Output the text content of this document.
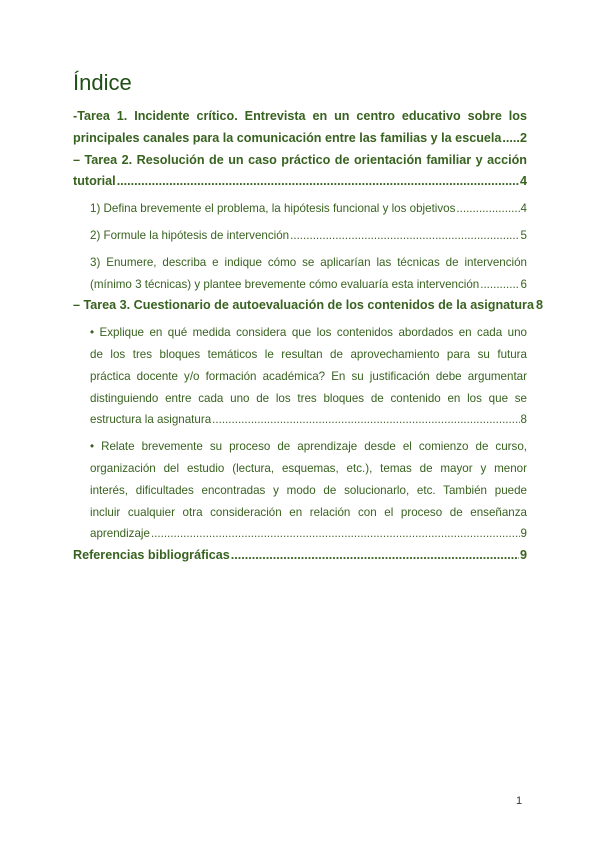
Índice
-Tarea 1. Incidente crítico. Entrevista en un centro educativo sobre los
principales canales para la comunicación entre las familias y la escuela ..... 2
– Tarea 2. Resolución de un caso práctico de orientación familiar y acción
tutorial .....	4
1) Defina brevemente el problema, la hipótesis funcional y los objetivos .....	4
2) Formule la hipótesis de intervención .....	5
3) Enumere, describa e indique cómo se aplicarían las técnicas de intervención
(mínimo 3 técnicas) y plantee brevemente cómo evaluaría esta intervención .....	6
– Tarea 3. Cuestionario de autoevaluación de los contenidos de la asignatura 8
• Explique en qué medida considera que los contenidos abordados en cada uno
de los tres bloques temáticos le resultan de aprovechamiento para su futura
práctica docente y/o formación académica? En su justificación debe argumentar
distinguiendo entre cada uno de los tres bloques de contenido en los que se
estructura la asignatura .....	8
• Relate brevemente su proceso de aprendizaje desde el comienzo de curso,
organización del estudio (lectura, esquemas, etc.), temas de mayor y menor
interés, dificultades encontradas y modo de solucionarlo, etc. También puede
incluir cualquier otra consideración en relación con el proceso de enseñanza
aprendizaje .....	9
Referencias bibliográficas .....	9
1
